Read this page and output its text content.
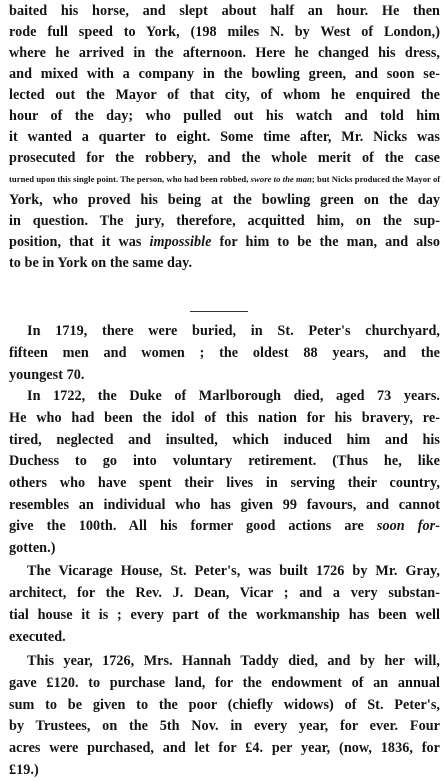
baited his horse, and slept about half an hour. He then
rode full speed to York, (198 miles N. by West of London,)
where he arrived in the afternoon. Here he changed his dress,
and mixed with a company in the bowling green, and soon se-
lected out the Mayor of that city, of whom he enquired the
hour of the day; who pulled out his watch and told him
it wanted a quarter to eight. Some time after, Mr. Nicks was
prosecuted for the robbery, and the whole merit of the case
turned upon this single point. The person, who had been robbed, swore to the man; but Nicks produced the Mayor of
York, who proved his being at the bowling green on the day
in question. The jury, therefore, acquitted him, on the sup-
position, that it was impossible for him to be the man, and also
to be in York on the same day.
In 1719, there were buried, in St. Peter's churchyard,
fifteen men and women ; the oldest 88 years, and the
youngest 70.
In 1722, the Duke of Marlborough died, aged 73 years.
He who had been the idol of this nation for his bravery, re-
tired, neglected and insulted, which induced him and his
Duchess to go into voluntary retirement. (Thus he, like
others who have spent their lives in serving their country,
resembles an individual who has given 99 favours, and cannot
give the 100th. All his former good actions are soon for-
gotten.)
The Vicarage House, St. Peter's, was built 1726 by Mr. Gray,
architect, for the Rev. J. Dean, Vicar ; and a very substan-
tial house it is ; every part of the workmanship has been well
executed.
This year, 1726, Mrs. Hannah Taddy died, and by her will,
gave £120. to purchase land, for the endowment of an annual
sum to be given to the poor (chiefly widows) of St. Peter's,
by Trustees, on the 5th Nov. in every year, for ever. Four
acres were purchased, and let for £4. per year, (now, 1836, for
£19.)
